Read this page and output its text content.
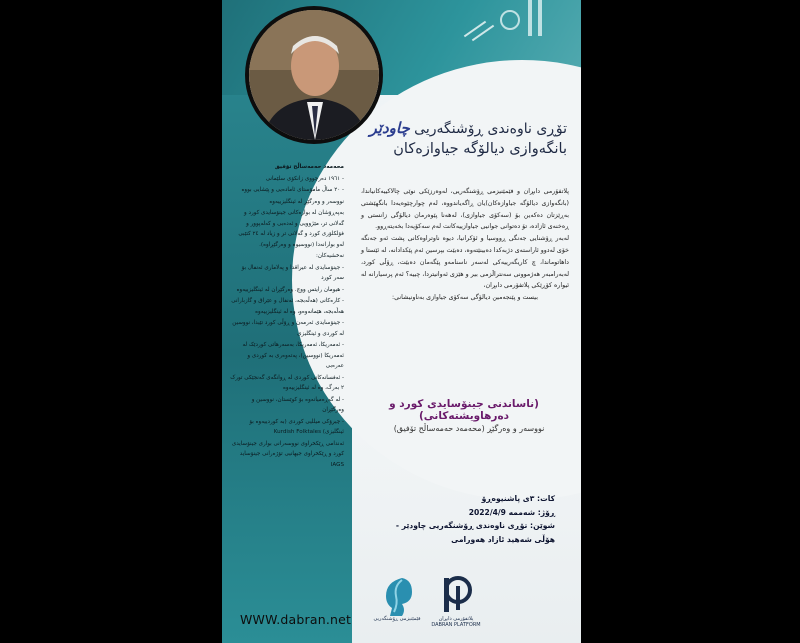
تۆڕی ناوەندی ڕۆشنگەریی چاودێر
بانگەوازی دیالۆگە جیاوازەکان
پلاتفۆرمی دابڕان و فێمێنیزمی ڕۆشنگەریی، لەوەرزێکی نوێی چالاکییەکانیاندا، (بانگەوازی دیالۆگە جیاوازەکان)یان ڕاگەیاندووە، لەم چوارچێوەیەدا بانگهێشتی بەڕێزتان دەکەین بۆ (سەکۆی جیاوازی)، لەهەنا پێوەرمان دیالۆگی زانستی و ڕەخنەی ئازادە، تۆ دەتوانی جوانیی جیاوازییەکانت لەم سەکۆیەدا بخەیتەڕوو.
لەبەر ڕۆشنایی جەنگی ڕووسیا و ئۆکرانیا، دیوە ناوتراوەکانی پشت ئەو جەنگە خۆی لەدوو ئاراستەی دژبەکدا دەبینێتەوە، دەبێت بپرسین ئەم پێکدادانە، لە ئێستا و داهاتوماندا، چ کاریگەرییەکی لەسەر ناسنامەو پێگەمان دەبێت، ڕۆڵی کورد، لەبەرامبەر هەژموونی سەنتراڵزمی بیر و هێزی ئەوانیتردا، چییە؟ ئەم پرسیارانە لە ئیوارە کۆڕێکی پلاتفۆرمی دابڕان،
بیست و پێنجەمین دیالۆگی سەکۆی جیاوازی بەناونیشانی:
(ناساندنی جینۆسایدی کورد و دەرهاویشتەکانی)
نووسەر و وەرگێڕ (محەمەد حەمەساڵح تۆفیق)

محەمەد حەمەساڵح تۆفیق

- ١٩٦١ دەرچووی زانکۆی سلێمانی

- ٢٠ ساڵ مامۆستای ئامادەیی و پێشایی بووە

نووسەر و وەرگێڕ لە ئینگلیزییەوە

بەپەڕۆشان لە بوارەکانی جینۆسایدی کورد و گەلانی تر، مێژوویی و ئەدەبی و کەلەپوور و فۆلکلۆری کورد و گەلانی تر و زیاد لە ٢٤ کتێبی لەو بوارانەدا (نووسیوە و وەرگێڕاوە).

نەخشیەکان:

- جینۆسایدی لە عیراقدا و پەلاماری ئەنفال بۆ سەر کورد

- هیومان رایتس ووچ. وەرگێڕان لە ئینگلیزییەوە

- کارەکانی (هەڵەبجە، ئەنفال و عێراق و گازبارانی هەڵەبجە، هێمانەوەو، وە لە ئینگلیزییەوە

- جینۆسایدی ئەرمەن و ڕۆڵی کورد تێیدا، نووسین لە کوردی و ئینگلیزی

- ئەمەریکا، ئەمەریکا، بەسەرهاتی کوردێک لە ئەمەریکا (نووسین)، پەتەوەری بە کوردی و عەرەبی

- ئەفسانەکانی کوردی لە ڕوانگەی گەنجێکی تورک ٢ بەرگ، وە لە ئینگلیزییەوە

- لە گەڕەمیانەوە بۆ کوێستان، نووسین و وەرگێڕان

- چیرۆکی میللیی کوردی (بە کوردییەوە بۆ ئینگلیزی) Kurdish Folktales

ئەندامی ڕێکخراوی نووسەرانی بواری جینۆسایدی کورد و ڕێکخراوی جیهانیی تۆژەرانی جینۆساید IAGS

کات: ٣ی پاشنیوەڕۆ
ڕۆژ: شەممە 2022/4/9
شوێن: تۆڕی ناوەندی ڕۆشنگەریی چاودێر - هۆڵی شەهید ئازاد هەورامی
فێمێنیزمی ڕۆشنگەریی	پلاتفۆرمی دابڕان
DABRAN PLATFORM
WWW.dabran.net
